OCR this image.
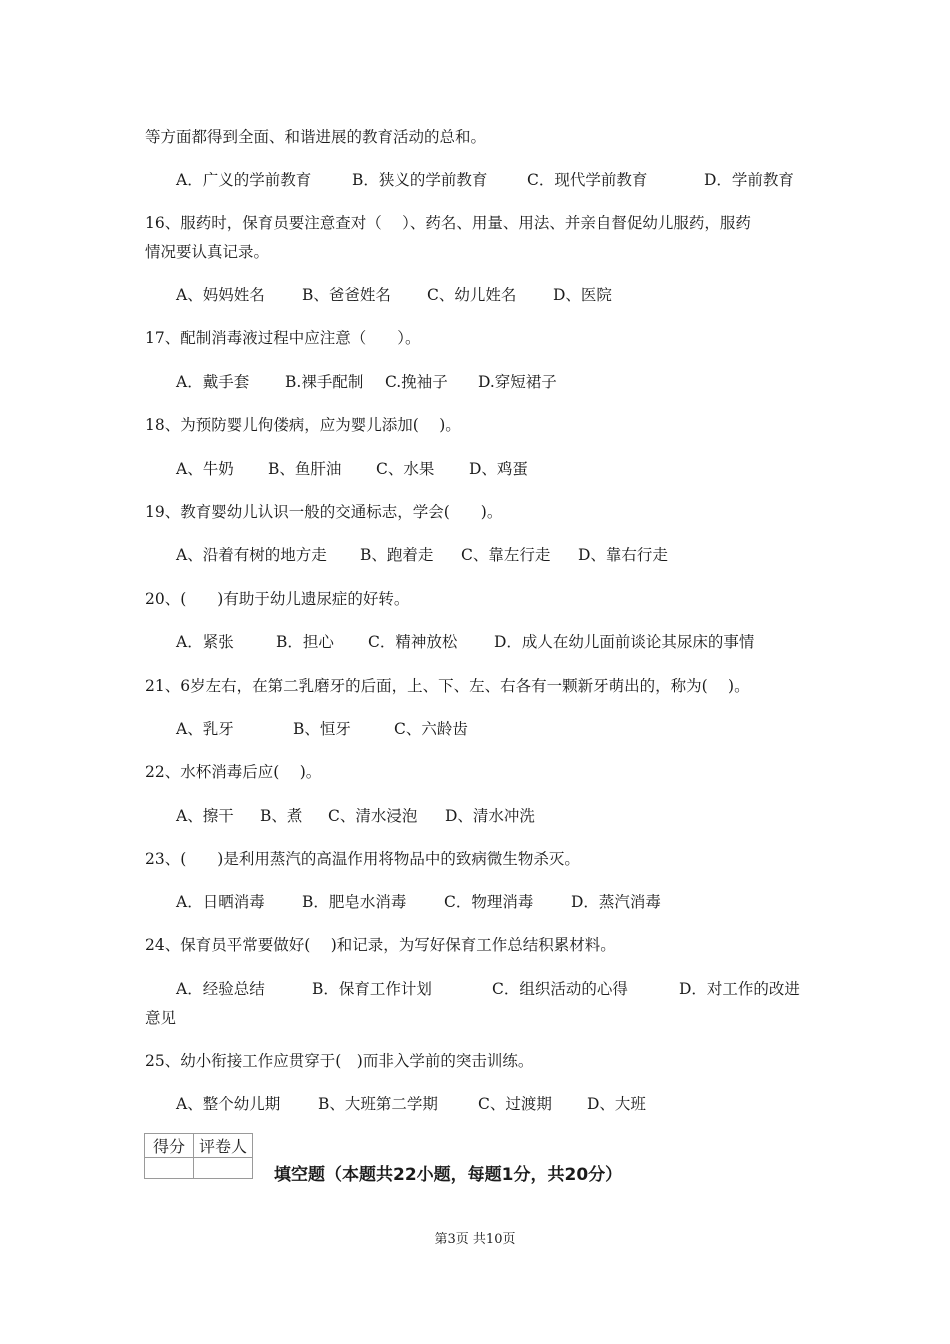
等方面都得到全面、和谐进展的教育活动的总和。
A．广义的学前教育	B．狭义的学前教育	C．现代学前教育	D．学前教育
16、服药时，保育员要注意查对（　 ）、药名、用量、用法、并亲自督促幼儿服药，服药
情况要认真记录。
A、妈妈姓名	B、爸爸姓名	C、幼儿姓名	D、医院
17、配制消毒液过程中应注意（　　）。
A．戴手套	B.裸手配制	C.挽袖子	D.穿短裙子
18、为预防婴儿佝偻病，应为婴儿添加(　 )。
A、牛奶	B、鱼肝油	C、水果	D、鸡蛋
19、教育婴幼儿认识一般的交通标志，学会(　　)。
A、沿着有树的地方走	B、跑着走	C、靠左行走	D、靠右行走
20、(　　)有助于幼儿遗尿症的好转。
A．紧张	B．担心	C．精神放松	D．成人在幼儿面前谈论其尿床的事情
21、6岁左右，在第二乳磨牙的后面，上、下、左、右各有一颗新牙萌出的，称为(　 )。
A、乳牙	B、恒牙	C、六龄齿
22、水杯消毒后应(　 )。
A、擦干	B、煮	C、清水浸泡	D、清水冲洗
23、(　　)是利用蒸汽的高温作用将物品中的致病微生物杀灭。
A．日晒消毒	B．肥皂水消毒	C．物理消毒	D．蒸汽消毒
24、保育员平常要做好(　 )和记录，为写好保育工作总结积累材料。
A．经验总结	B．保育工作计划	C．组织活动的心得	D．对工作的改进
意见
25、幼小衔接工作应贯穿于(　)而非入学前的突击训练。
A、整个幼儿期	B、大班第二学期	C、过渡期	D、大班
得分	评卷人

填空题（本题共22小题，每题1分，共20分）
第3页 共10页
